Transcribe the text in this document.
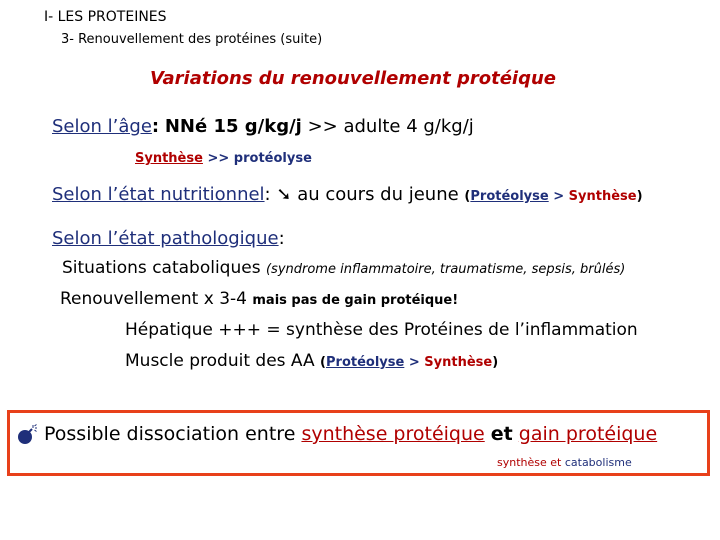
I- LES PROTEINES
3- Renouvellement des protéines (suite)
Variations du renouvellement protéique
Selon l’âge: NNé 15 g/kg/j >> adulte 4 g/kg/j
Synthèse >> protéolyse
Selon l’état nutritionnel: ➘ au cours du jeune (Protéolyse > Synthèse)
Selon l’état pathologique:
Situations cataboliques (syndrome inflammatoire, traumatisme, sepsis, brûlés)
Renouvellement x 3-4 mais pas de gain protéique!
Hépatique +++ = synthèse des Protéines de l’inflammation
Muscle produit des AA (Protéolyse > Synthèse)
Possible dissociation entre synthèse protéique et gain protéique
synthèse et catabolisme
